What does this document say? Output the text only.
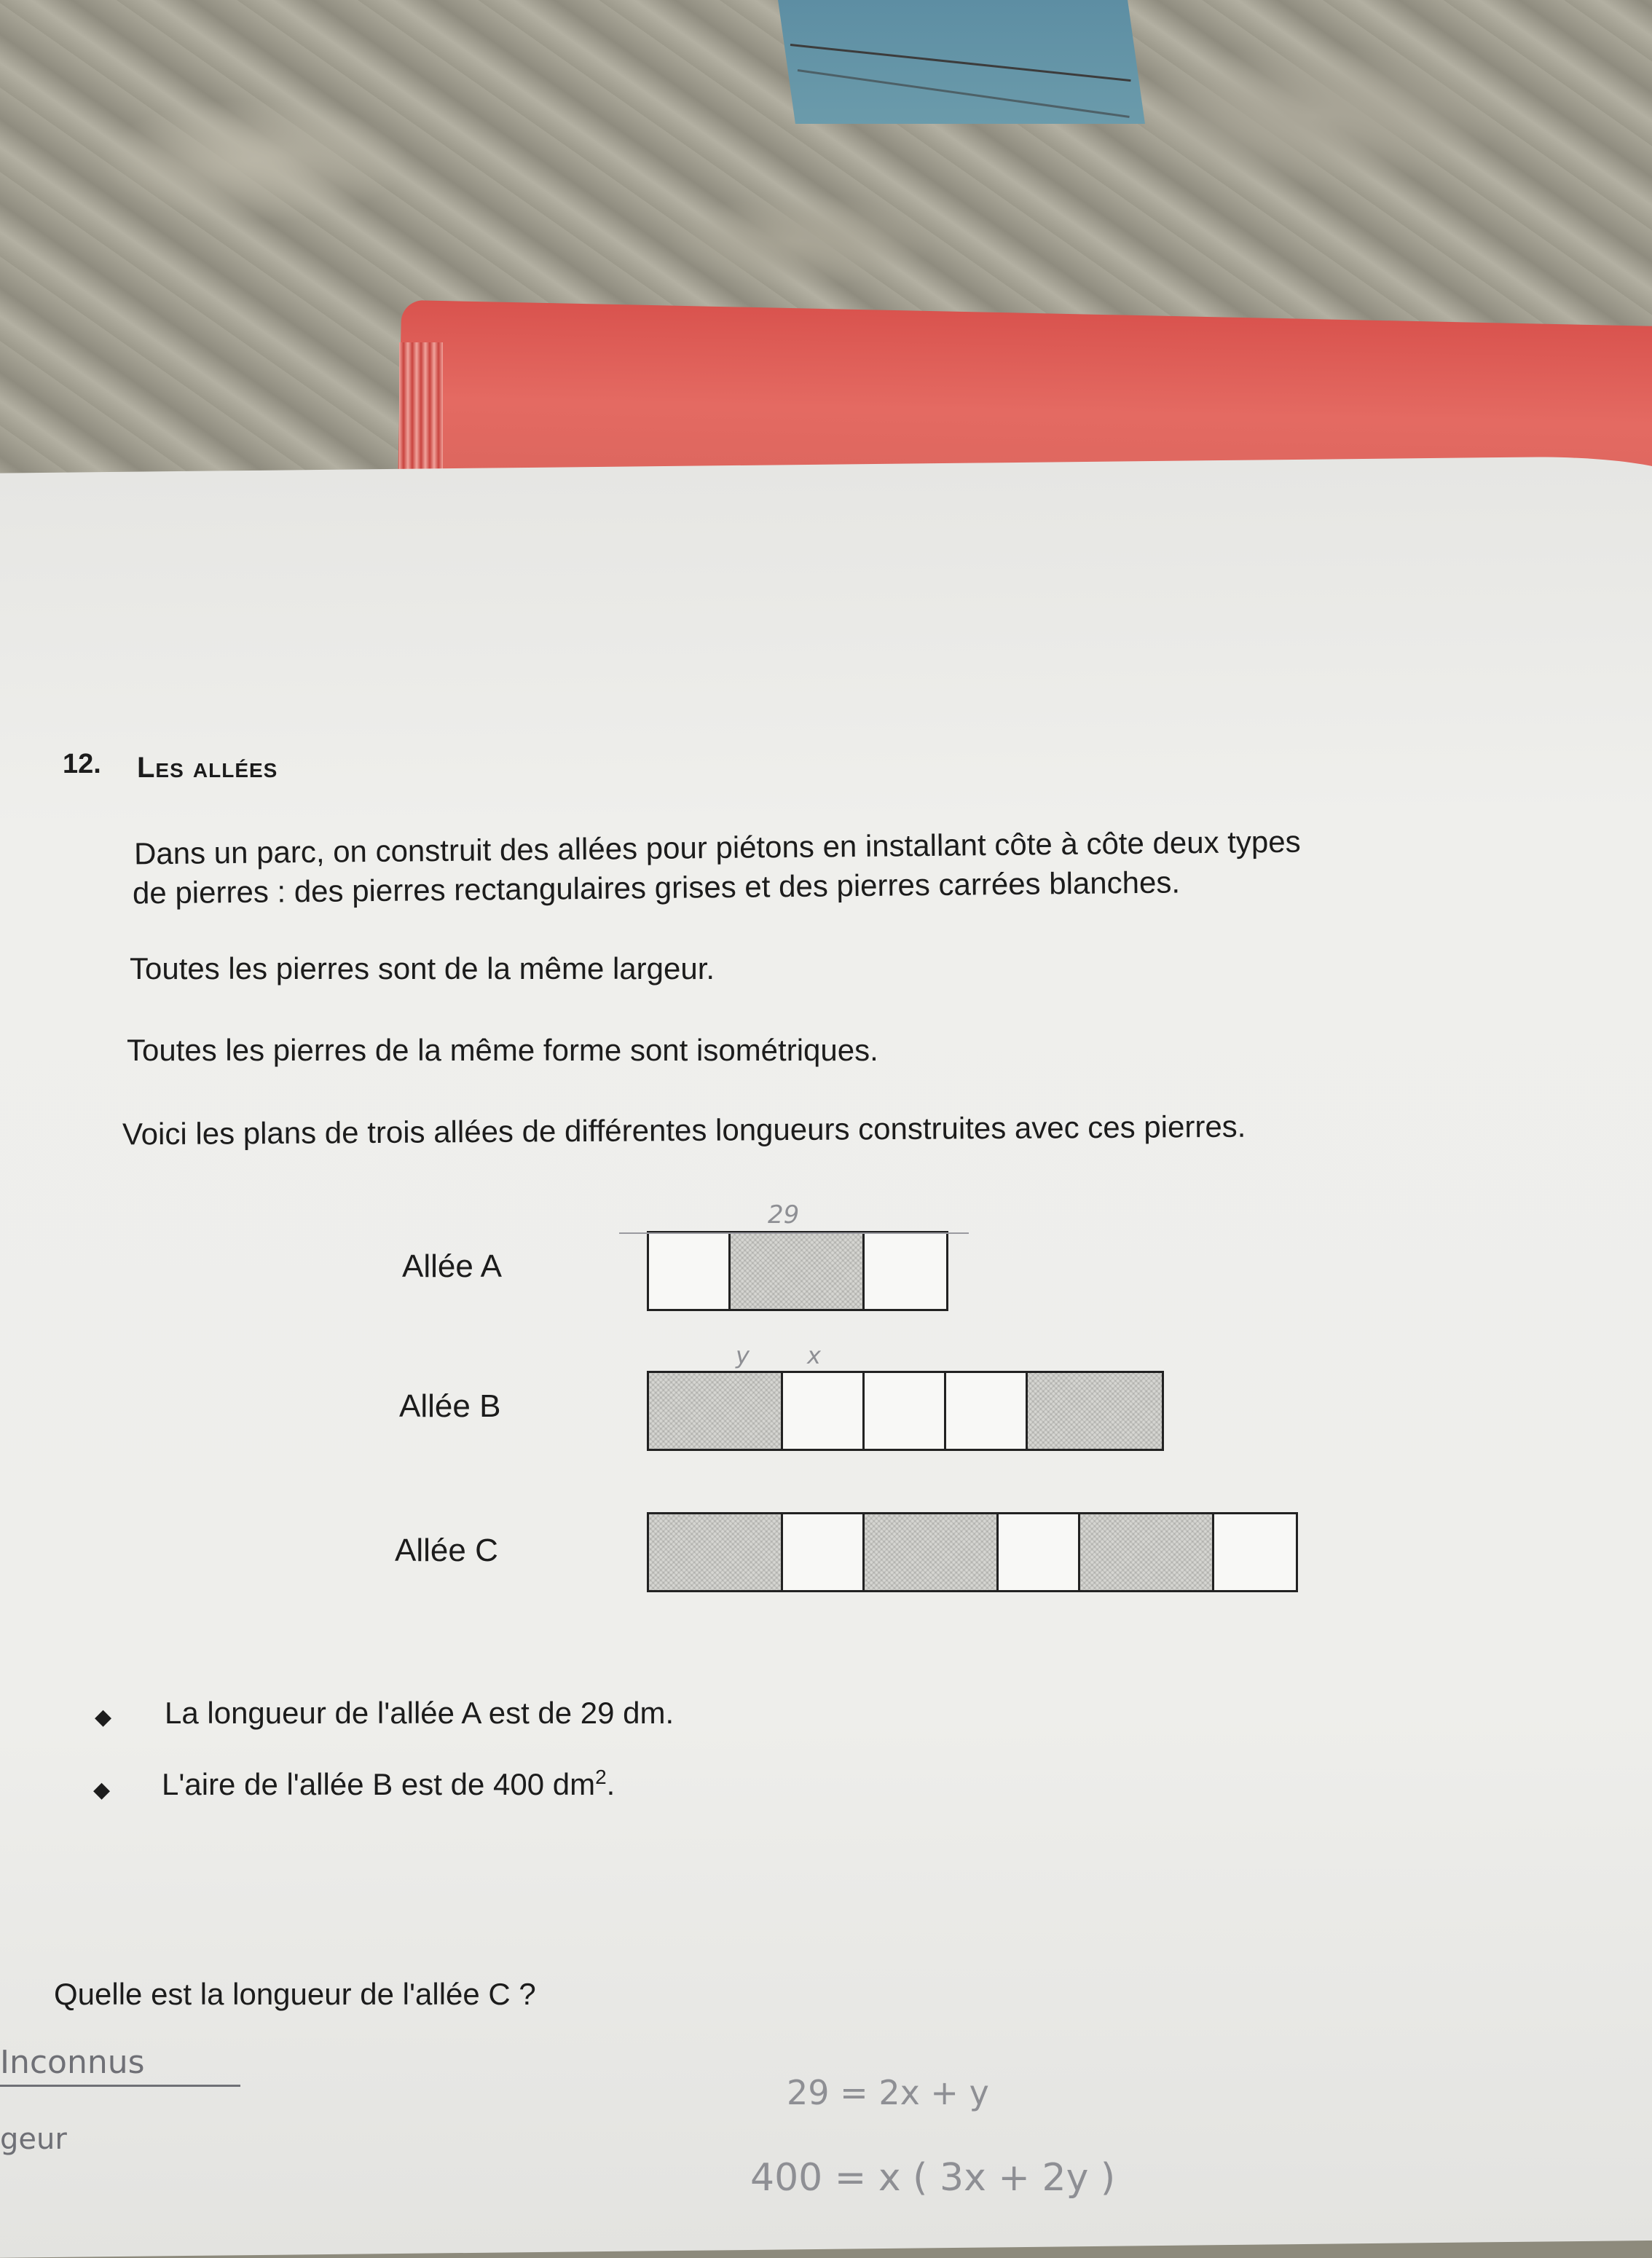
12. Les allées
Dans un parc, on construit des allées pour piétons en installant côte à côte deux types
de pierres : des pierres rectangulaires grises et des pierres carrées blanches.
Toutes les pierres sont de la même largeur.
Toutes les pierres de la même forme sont isométriques.
Voici les plans de trois allées de différentes longueurs construites avec ces pierres.
Allée A
Allée B
Allée C
29
y x
◆ La longueur de l'allée A est de 29 dm.
◆ L'aire de l'allée B est de 400 $dm^2$.
Quelle est la longueur de l'allée C ?
Inconnus
geur
29 = 2x + y
400 = x ( 3x + 2y )
